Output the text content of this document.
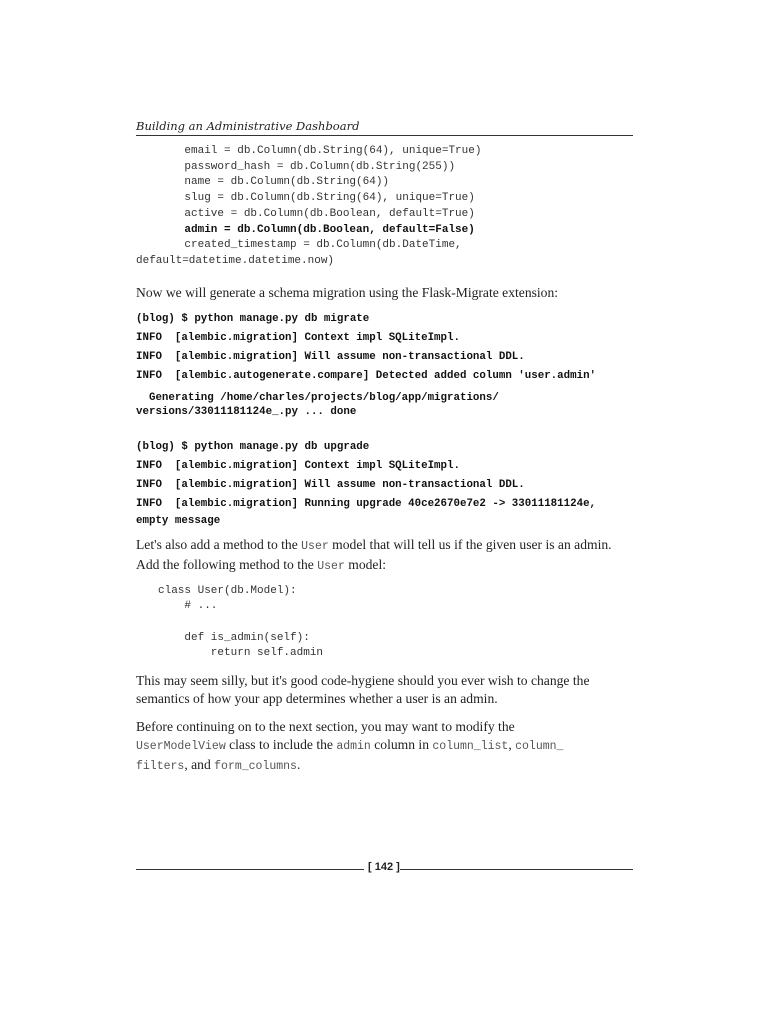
Building an Administrative Dashboard
email = db.Column(db.String(64), unique=True)
password_hash = db.Column(db.String(255))
name = db.Column(db.String(64))
slug = db.Column(db.String(64), unique=True)
active = db.Column(db.Boolean, default=True)
admin = db.Column(db.Boolean, default=False)
created_timestamp = db.Column(db.DateTime,
default=datetime.datetime.now)

Now we will generate a schema migration using the Flask-Migrate extension:

(blog) $ python manage.py db migrate
INFO  [alembic.migration] Context impl SQLiteImpl.
INFO  [alembic.migration] Will assume non-transactional DDL.
INFO  [alembic.autogenerate.compare] Detected added column 'user.admin'
Generating /home/charles/projects/blog/app/migrations/
versions/33011181124e_.py ... done
(blog) $ python manage.py db upgrade
INFO  [alembic.migration] Context impl SQLiteImpl.
INFO  [alembic.migration] Will assume non-transactional DDL.
INFO  [alembic.migration] Running upgrade 40ce2670e7e2 -> 33011181124e,
empty message

Let's also add a method to the User model that will tell us if the given user is an admin. Add the following method to the User model:

class User(db.Model):
# ...

def is_admin(self):
return self.admin

This may seem silly, but it's good code-hygiene should you ever wish to change the semantics of how your app determines whether a user is an admin.

Before continuing on to the next section, you may want to modify the
UserModelView class to include the admin column in column_list, column_
filters, and form_columns.

[ 142 ]
